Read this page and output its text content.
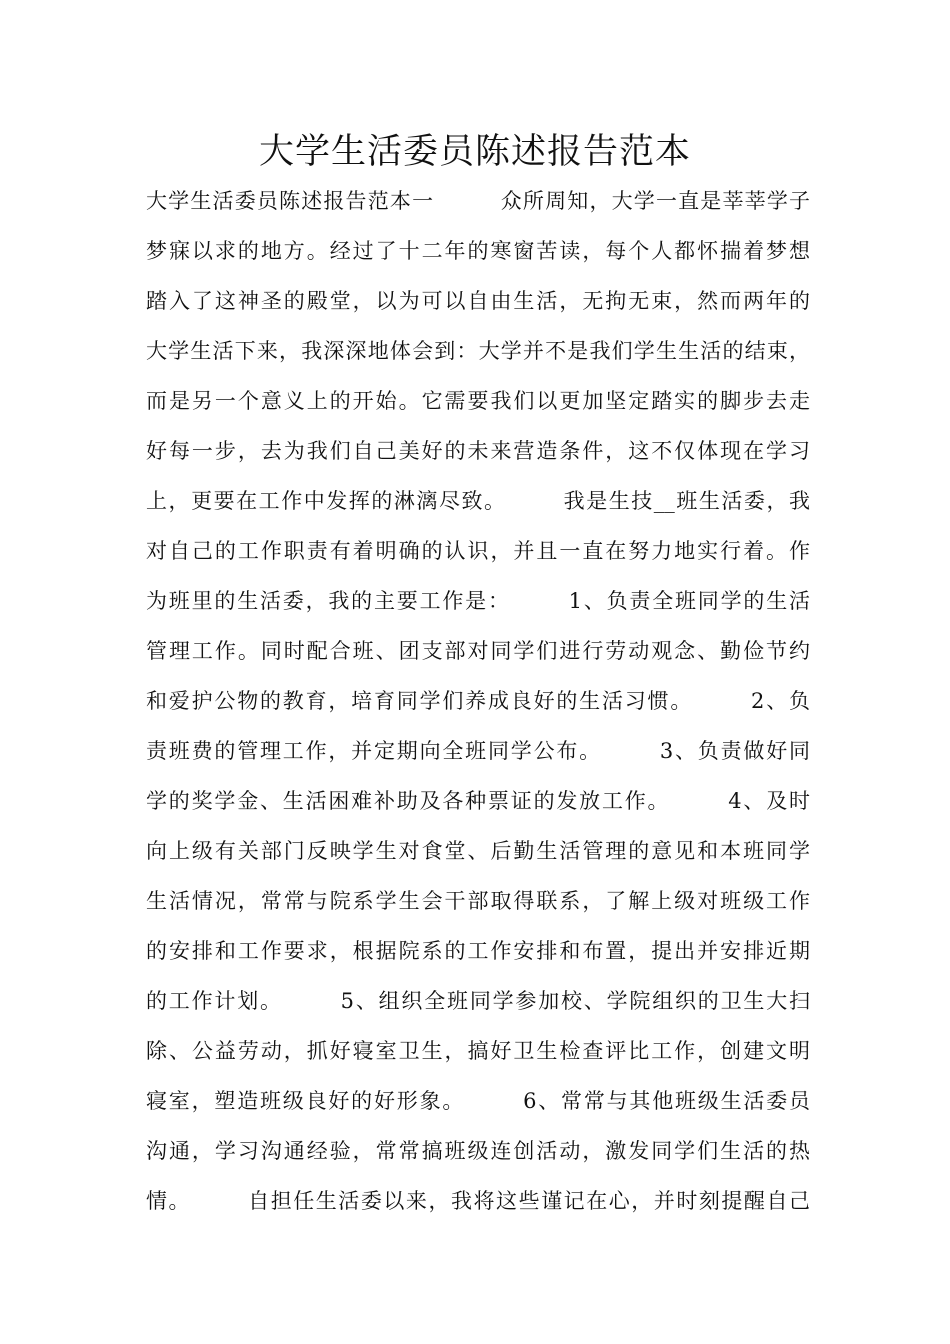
大学生活委员陈述报告范本
大学生活委员陈述报告范本一　　　众所周知，大学一直是莘莘学子
梦寐以求的地方。经过了十二年的寒窗苦读，每个人都怀揣着梦想
踏入了这神圣的殿堂，以为可以自由生活，无拘无束，然而两年的
大学生活下来，我深深地体会到：大学并不是我们学生生活的结束，
而是另一个意义上的开始。它需要我们以更加坚定踏实的脚步去走
好每一步，去为我们自己美好的未来营造条件，这不仅体现在学习
上，更要在工作中发挥的淋漓尽致。　　　我是生技__班生活委，我
对自己的工作职责有着明确的认识，并且一直在努力地实行着。作
为班里的生活委，我的主要工作是：　　　1、负责全班同学的生活
管理工作。同时配合班、团支部对同学们进行劳动观念、勤俭节约
和爱护公物的教育，培育同学们养成良好的生活习惯。　　　2、负
责班费的管理工作，并定期向全班同学公布。　　　3、负责做好同
学的奖学金、生活困难补助及各种票证的发放工作。　　　4、及时
向上级有关部门反映学生对食堂、后勤生活管理的意见和本班同学
生活情况，常常与院系学生会干部取得联系，了解上级对班级工作
的安排和工作要求，根据院系的工作安排和布置，提出并安排近期
的工作计划。　　　5、组织全班同学参加校、学院组织的卫生大扫
除、公益劳动，抓好寝室卫生，搞好卫生检查评比工作，创建文明
寝室，塑造班级良好的好形象。　　　6、常常与其他班级生活委员
沟通，学习沟通经验，常常搞班级连创活动，激发同学们生活的热
情。　　　自担任生活委以来，我将这些谨记在心，并时刻提醒自己
